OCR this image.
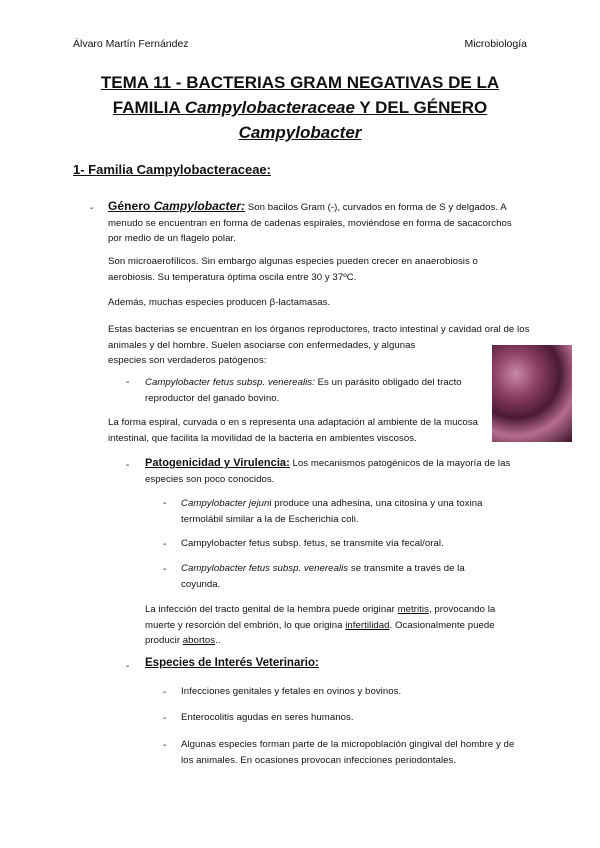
Álvaro Martín Fernández	Microbiología
TEMA 11 - BACTERIAS GRAM NEGATIVAS DE LA
FAMILIA Campylobacteraceae Y DEL GÉNERO
Campylobacter
1- Familia Campylobacteraceae:
- Género Campylobacter: Son bacilos Gram (-), curvados en forma de S y delgados. A menudo se encuentran en forma de cadenas espirales, moviéndose en forma de sacacorchos por medio de un flagelo polar.
Son microaerofílicos. Sin embargo algunas especies pueden crecer en anaerobiosis o aerobiosis. Su temperatura óptima oscila entre 30 y 37ºC.
Además, muchas especies producen β-lactamasas.
Estas bacterias se encuentran en los órganos reproductores, tracto intestinal y cavidad oral de los animales y del hombre. Suelen asociarse con enfermedades, y algunas especies son verdaderos patógenos:
- Campylobacter fetus subsp. venerealis: Es un parásito obligado del tracto reproductor del ganado bovino.
La forma espiral, curvada o en s representa una adaptación al ambiente de la mucosa intestinal, que facilita la movilidad de la bacteria en ambientes viscosos.
- Patogenicidad y Virulencia: Los mecanismos patogénicos de la mayoría de las especies son poco conocidos.
- Campylobacter jejuni produce una adhesina, una citosina y una toxina termolábil similar a la de Escherichia coli.
- Campylobacter fetus subsp. fetus, se transmite vía fecal/oral.
- Campylobacter fetus subsp. venerealis se transmite a través de la coyunda.
La infección del tracto genital de la hembra puede originar metritis, provocando la muerte y resorción del embrión, lo que origina infertilidad. Ocasionalmente puede producir abortos..
- Especies de Interés Veterinario:
- Infecciones genitales y fetales en ovinos y bovinos.
- Enterocolitis agudas en seres humanos.
- Algunas especies forman parte de la micropoblación gingival del hombre y de los animales. En ocasiones provocan infecciones periodontales.
